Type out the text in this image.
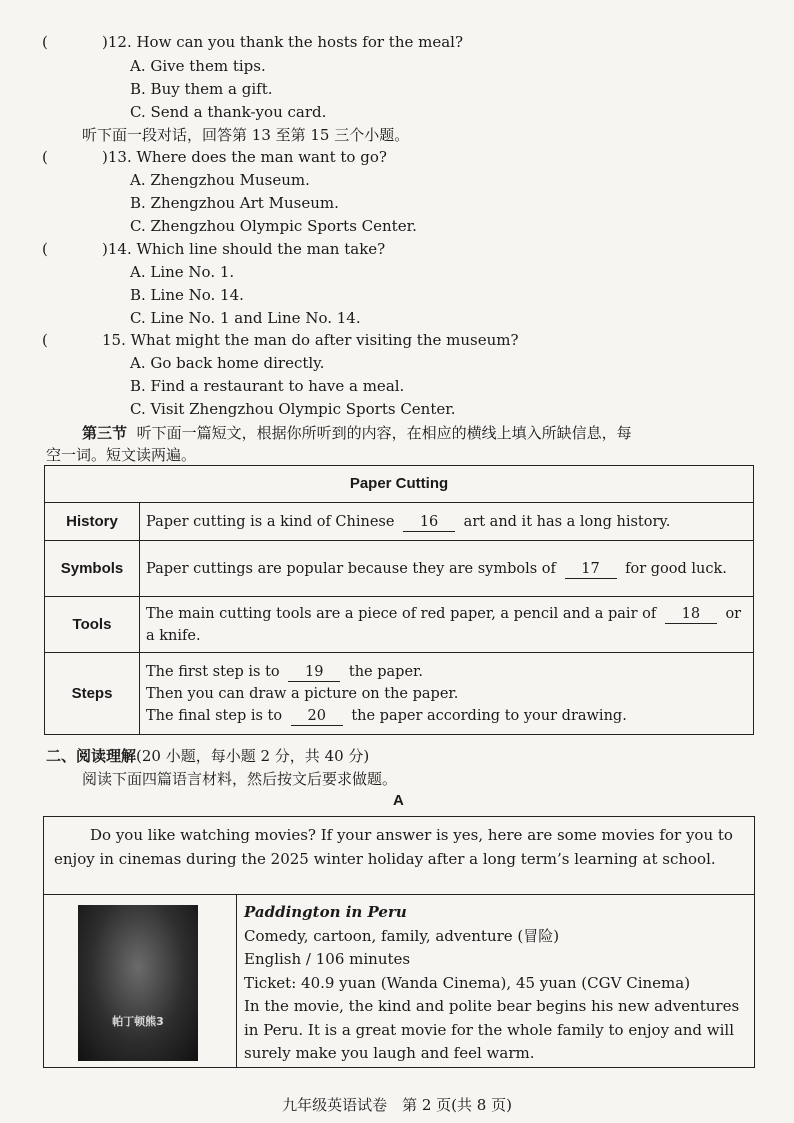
(	)12. How can you thank the hosts for the meal?
A. Give them tips.
B. Buy them a gift.
C. Send a thank-you card.
听下面一段对话，回答第 13 至第 15 三个小题。
(	)13. Where does the man want to go?
A. Zhengzhou Museum.
B. Zhengzhou Art Museum.
C. Zhengzhou Olympic Sports Center.
(	)14. Which line should the man take?
A. Line No. 1.
B. Line No. 14.
C. Line No. 1 and Line No. 14.
(	15. What might the man do after visiting the museum?
A. Go back home directly.
B. Find a restaurant to have a meal.
C. Visit Zhengzhou Olympic Sports Center.
第三节 听下面一篇短文，根据你所听到的内容，在相应的横线上填入所缺信息，每
空一词。短文读两遍。
Paper Cutting	
History	Paper cutting is a kind of Chinese 16 art and it has a long history.
Symbols	Paper cuttings are popular because they are symbols of 17 for good luck.
Tools	The main cutting tools are a piece of red paper, a pencil and a pair of 18 or a knife.
Steps	The first step is to 19 the paper.
Then you can draw a picture on the paper.
The final step is to 20 the paper according to your drawing.
二、阅读理解(20 小题，每小题 2 分，共 40 分)
阅读下面四篇语言材料，然后按文后要求做题。
A
Do you like watching movies? If your answer is yes, here are some movies for you to enjoy in cinemas during the 2025 winter holiday after a long term’s learning at school.
帕丁顿熊3
Paddington in Peru
Comedy, cartoon, family, adventure (冒险)
English / 106 minutes
Ticket: 40.9 yuan (Wanda Cinema), 45 yuan (CGV Cinema)
In the movie, the kind and polite bear begins his new adventures in Peru. It is a great movie for the whole family to enjoy and will surely make you laugh and feel warm.
九年级英语试卷　第 2 页(共 8 页)
